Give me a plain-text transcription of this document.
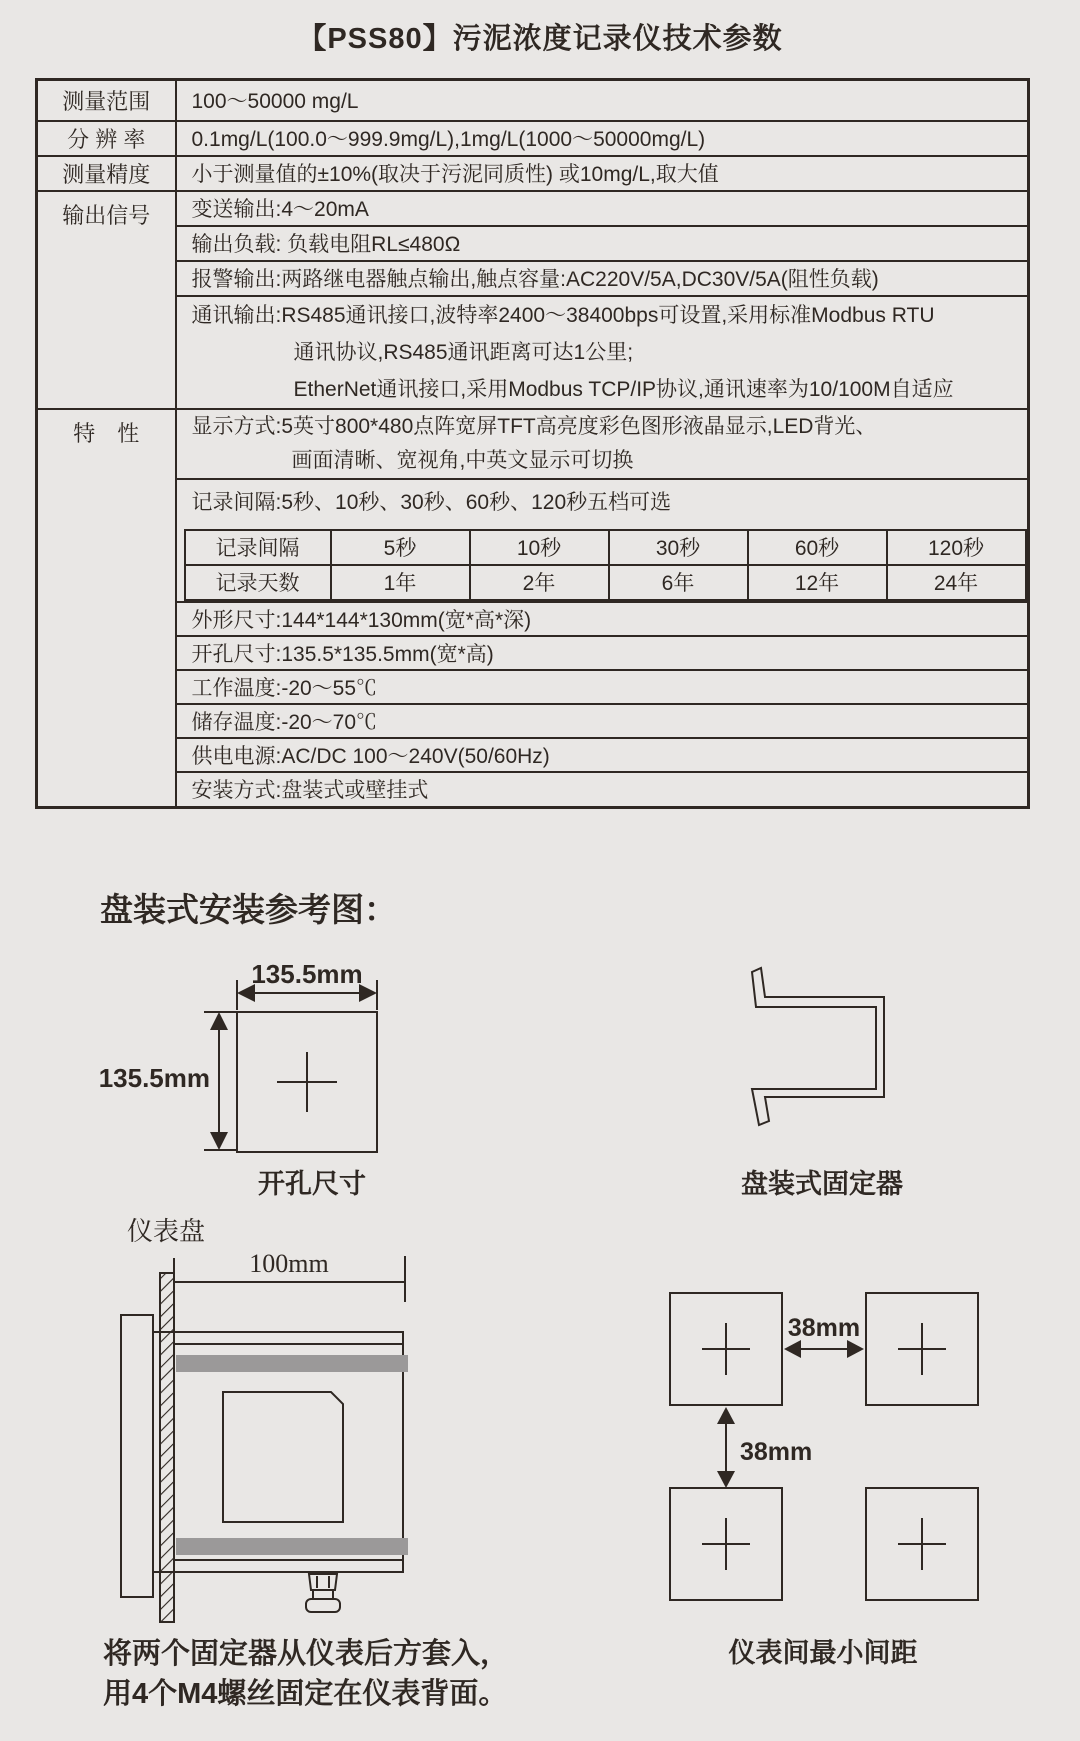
【PSS80】污泥浓度记录仪技术参数
测量范围	100～50000 mg/L
分 辨 率	0.1mg/L(100.0～999.9mg/L),1mg/L(1000～50000mg/L)
测量精度	小于测量值的±10%(取决于污泥同质性) 或10mg/L,取大值
输出信号	变送输出:4～20mA
输出负载: 负载电阻RL≤480Ω
报警输出:两路继电器触点输出,触点容量:AC220V/5A,DC30V/5A(阻性负载)

通讯输出:RS485通讯接口,波特率2400～38400bps可设置,采用标准Modbus RTU
通讯协议,RS485通讯距离可达1公里;
EtherNet通讯接口,采用Modbus TCP/IP协议,通讯速率为10/100M自适应

特　性	显示方式:5英寸800*480点阵宽屏TFT高亮度彩色图形液晶显示,LED背光、
画面清晰、宽视角,中英文显示可切换

记录间隔:5秒、10秒、30秒、60秒、120秒五档可选
记录间隔	5秒	10秒	30秒	60秒	120秒
记录天数	1年	2年	6年	12年	24年

外形尺寸:144*144*130mm(宽*高*深)
开孔尺寸:135.5*135.5mm(宽*高)
工作温度:-20～55℃
储存温度:-20～70℃
供电电源:AC/DC 100～240V(50/60Hz)
安装方式:盘装式或壁挂式
盘装式安装参考图：
135.5mm
135.5mm
开孔尺寸	盘装式固定器
仪表盘
100mm
将两个固定器从仪表后方套入，
用4个M4螺丝固定在仪表背面。
38mm
38mm
仪表间最小间距
